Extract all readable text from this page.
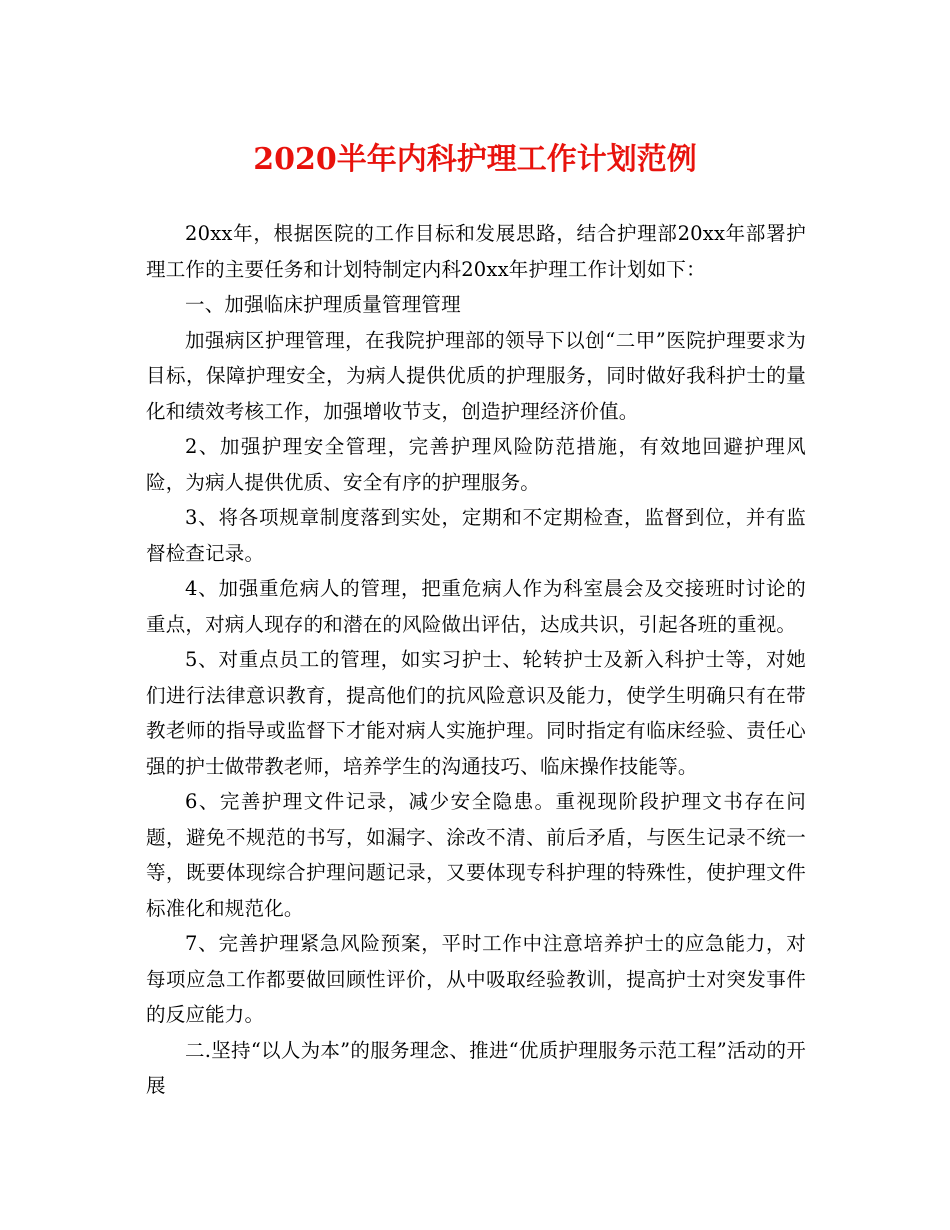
2020半年内科护理工作计划范例

20xx年，根据医院的工作目标和发展思路，结合护理部20xx年部署护理工作的主要任务和计划特制定内科20xx年护理工作计划如下：

一、加强临床护理质量管理管理

加强病区护理管理，在我院护理部的领导下以创“二甲”医院护理要求为目标，保障护理安全，为病人提供优质的护理服务，同时做好我科护士的量化和绩效考核工作，加强增收节支，创造护理经济价值。

2、加强护理安全管理，完善护理风险防范措施，有效地回避护理风险，为病人提供优质、安全有序的护理服务。

3、将各项规章制度落到实处，定期和不定期检查，监督到位，并有监督检查记录。

4、加强重危病人的管理，把重危病人作为科室晨会及交接班时讨论的重点，对病人现存的和潜在的风险做出评估，达成共识，引起各班的重视。

5、对重点员工的管理，如实习护士、轮转护士及新入科护士等，对她们进行法律意识教育，提高他们的抗风险意识及能力，使学生明确只有在带教老师的指导或监督下才能对病人实施护理。同时指定有临床经验、责任心强的护士做带教老师，培养学生的沟通技巧、临床操作技能等。

6、完善护理文件记录，减少安全隐患。重视现阶段护理文书存在问题，避免不规范的书写，如漏字、涂改不清、前后矛盾，与医生记录不统一等，既要体现综合护理问题记录，又要体现专科护理的特殊性，使护理文件标准化和规范化。

7、完善护理紧急风险预案，平时工作中注意培养护士的应急能力，对每项应急工作都要做回顾性评价，从中吸取经验教训，提高护士对突发事件的反应能力。

二.坚持“以人为本”的服务理念、推进“优质护理服务示范工程”活动的开展
